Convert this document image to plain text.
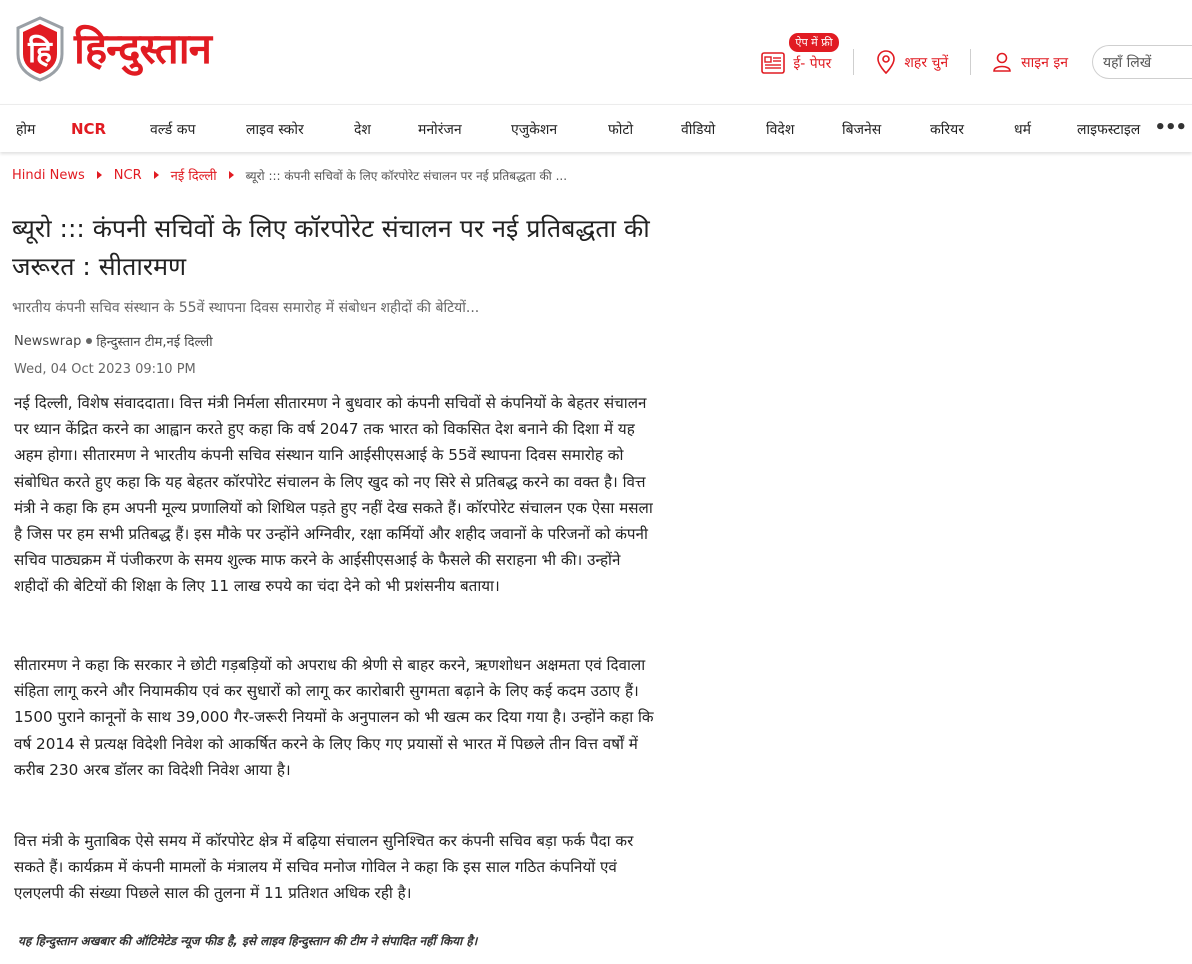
हि हिन्दुस्तान	ऐप में फ्री
ई- पेपर	शहर चुनें	साइन इन	यहाँ लिखें
होम	NCR	वर्ल्ड कप	लाइव स्कोर	देश	मनोरंजन	एजुकेशन	फोटो	वीडियो	विदेश	बिजनेस	करियर	धर्म	लाइफस्टाइल •••
Hindi News NCR नई दिल्ली ब्यूरो ::: कंपनी सचिवों के लिए कॉरपोरेट संचालन पर नई प्रतिबद्धता की ...
ब्यूरो ::: कंपनी सचिवों के लिए कॉरपोरेट संचालन पर नई प्रतिबद्धता की जरूरत : सीतारमण
भारतीय कंपनी सचिव संस्थान के 55वें स्थापना दिवस समारोह में संबोधन शहीदों की बेटियों...
Newswrap हिन्दुस्तान टीम,नई दिल्ली
Wed, 04 Oct 2023 09:10 PM

नई दिल्ली, विशेष संवाददाता। वित्त मंत्री निर्मला सीतारमण ने बुधवार को कंपनी सचिवों से कंपनियों के बेहतर संचालन पर ध्यान केंद्रित करने का आह्वान करते हुए कहा कि वर्ष 2047 तक भारत को विकसित देश बनाने की दिशा में यह अहम होगा। सीतारमण ने भारतीय कंपनी सचिव संस्थान यानि आईसीएसआई के 55वें स्थापना दिवस समारोह को संबोधित करते हुए कहा कि यह बेहतर कॉरपोरेट संचालन के लिए खुद को नए सिरे से प्रतिबद्ध करने का वक्त है। वित्त मंत्री ने कहा कि हम अपनी मूल्य प्रणालियों को शिथिल पड़ते हुए नहीं देख सकते हैं। कॉरपोरेट संचालन एक ऐसा मसला है जिस पर हम सभी प्रतिबद्ध हैं। इस मौके पर उन्होंने अग्निवीर, रक्षा कर्मियों और शहीद जवानों के परिजनों को कंपनी सचिव पाठ्यक्रम में पंजीकरण के समय शुल्क माफ करने के आईसीएसआई के फैसले की सराहना भी की। उन्होंने शहीदों की बेटियों की शिक्षा के लिए 11 लाख रुपये का चंदा देने को भी प्रशंसनीय बताया।

सीतारमण ने कहा कि सरकार ने छोटी गड़बड़ियों को अपराध की श्रेणी से बाहर करने, ऋणशोधन अक्षमता एवं दिवाला संहिता लागू करने और नियामकीय एवं कर सुधारों को लागू कर कारोबारी सुगमता बढ़ाने के लिए कई कदम उठाए हैं। 1500 पुराने कानूनों के साथ 39,000 गैर-जरूरी नियमों के अनुपालन को भी खत्म कर दिया गया है। उन्होंने कहा कि वर्ष 2014 से प्रत्यक्ष विदेशी निवेश को आकर्षित करने के लिए किए गए प्रयासों से भारत में पिछले तीन वित्त वर्षों में करीब 230 अरब डॉलर का विदेशी निवेश आया है।

वित्त मंत्री के मुताबिक ऐसे समय में कॉरपोरेट क्षेत्र में बढ़िया संचालन सुनिश्चित कर कंपनी सचिव बड़ा फर्क पैदा कर सकते हैं। कार्यक्रम में कंपनी मामलों के मंत्रालय में सचिव मनोज गोविल ने कहा कि इस साल गठित कंपनियों एवं एलएलपी की संख्या पिछले साल की तुलना में 11 प्रतिशत अधिक रही है।

यह हिन्दुस्तान अखबार की ऑटिमेटेड न्यूज फीड है, इसे लाइव हिन्दुस्तान की टीम ने संपादित नहीं किया है।
